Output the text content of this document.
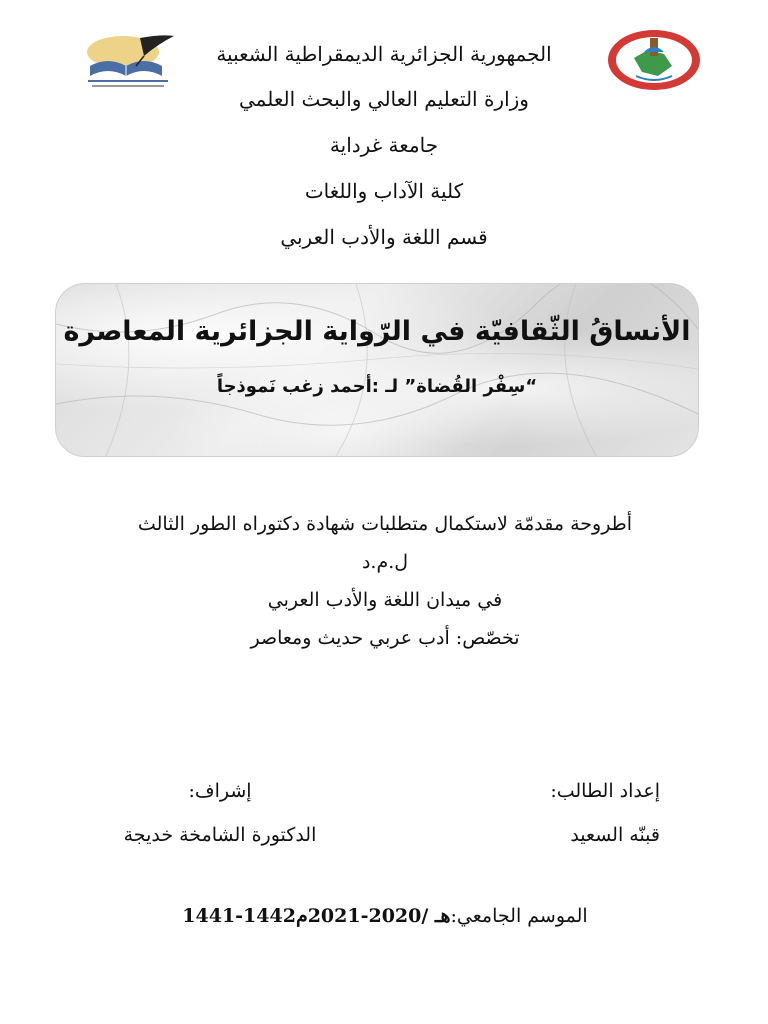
الجمهورية الجزائرية الديمقراطية الشعبية
وزارة التعليم العالي والبحث العلمي
جامعة غرداية
كلية الآداب واللغات
قسم اللغة والأدب العربي
الأنساقُ الثّقافيّة في الرّواية الجزائرية المعاصرة
“سِفْر القُضاة” لـ :أحمد زغب نَموذجاً
أطروحة مقدمّة لاستكمال متطلبات شهادة دكتوراه الطور الثالث
ل.م.د
في ميدان اللغة والأدب العربي
تخصّص: أدب عربي حديث ومعاصر
إعداد الطالب:
إشراف:
قبنّه السعيد
الدكتورة الشامخة خديجة
الموسم الجامعي:1441-1442هـ /2020-2021م
